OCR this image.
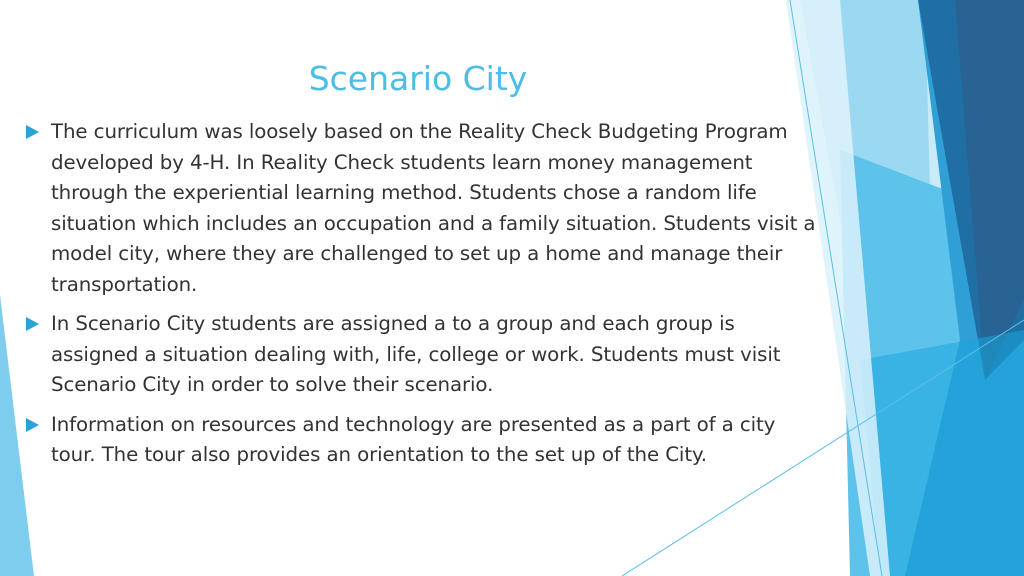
Scenario City
The curriculum was loosely based on the Reality Check Budgeting Program developed by 4-H. In Reality Check students learn money management through the experiential learning method. Students chose a random life situation which includes an occupation and a family situation. Students visit a model city, where they are challenged to set up a home and manage their transportation.
In Scenario City students are assigned a to a group and each group is assigned a situation dealing with, life, college or work. Students must visit Scenario City in order to solve their scenario.
Information on resources and technology are presented as a part of a city tour. The tour also provides an orientation to the set up of the City.
